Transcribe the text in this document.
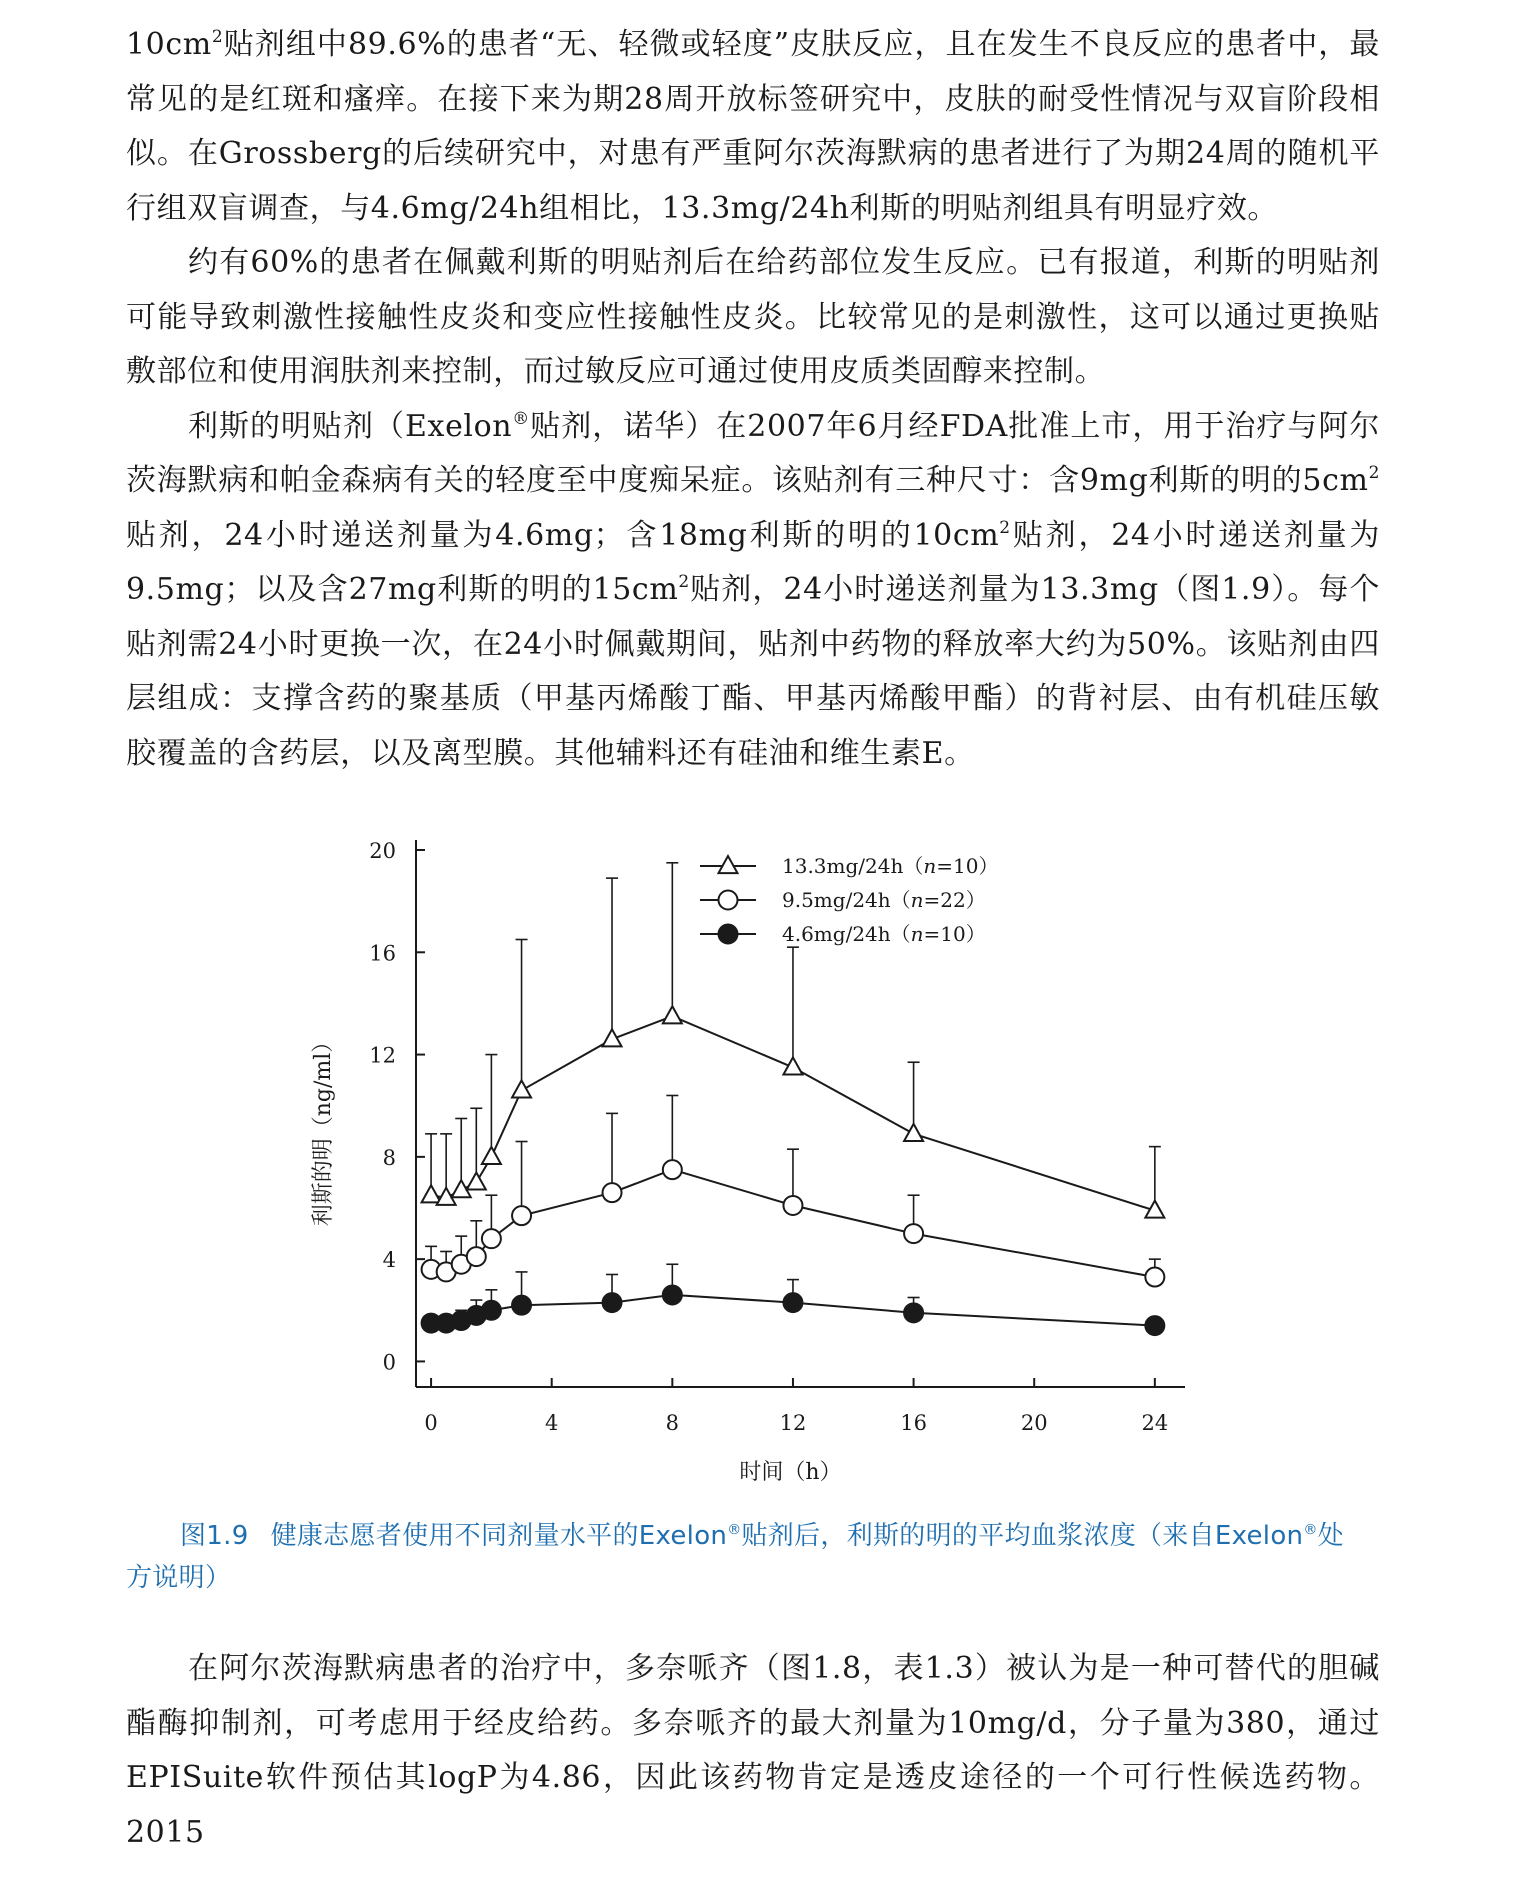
$10cm^2$贴剂组中89.6%的患者“无、轻微或轻度”皮肤反应，且在发生不良反应的患者中，最常见的是红斑和瘙痒。在接下来为期28周开放标签研究中，皮肤的耐受性情况与双盲阶段相似。在Grossberg的后续研究中，对患有严重阿尔茨海默病的患者进行了为期24周的随机平行组双盲调查，与4.6mg/24h组相比，13.3mg/24h利斯的明贴剂组具有明显疗效。

约有60%的患者在佩戴利斯的明贴剂后在给药部位发生反应。已有报道，利斯的明贴剂可能导致刺激性接触性皮炎和变应性接触性皮炎。比较常见的是刺激性，这可以通过更换贴敷部位和使用润肤剂来控制，而过敏反应可通过使用皮质类固醇来控制。

利斯的明贴剂（Exelon®贴剂，诺华）在2007年6月经FDA批准上市，用于治疗与阿尔茨海默病和帕金森病有关的轻度至中度痴呆症。该贴剂有三种尺寸：含9mg利斯的明的$5cm^2$贴剂，24小时递送剂量为4.6mg；含18mg利斯的明的$10cm^2$贴剂，24小时递送剂量为9.5mg；以及含27mg利斯的明的$15cm^2$贴剂，24小时递送剂量为13.3mg（图1.9）。每个贴剂需24小时更换一次，在24小时佩戴期间，贴剂中药物的释放率大约为50%。该贴剂由四层组成：支撑含药的聚基质（甲基丙烯酸丁酯、甲基丙烯酸甲酯）的背衬层、由有机硅压敏胶覆盖的含药层，以及离型膜。其他辅料还有硅油和维生素E。

0
4
8
12
16
20
0	4	8	12	16	20	24
时间（h）
利斯的明（ng/ml）
13.3mg/24h（n=10）
9.5mg/24h（n=22）
4.6mg/24h（n=10）

图1.9 健康志愿者使用不同剂量水平的Exelon®贴剂后，利斯的明的平均血浆浓度（来自Exelon®处
方说明）

在阿尔茨海默病患者的治疗中，多奈哌齐（图1.8，表1.3）被认为是一种可替代的胆碱酯酶抑制剂，可考虑用于经皮给药。多奈哌齐的最大剂量为10mg/d，分子量为380，通过EPISuite软件预估其logP为4.86，因此该药物肯定是透皮途径的一个可行性候选药物。2015
